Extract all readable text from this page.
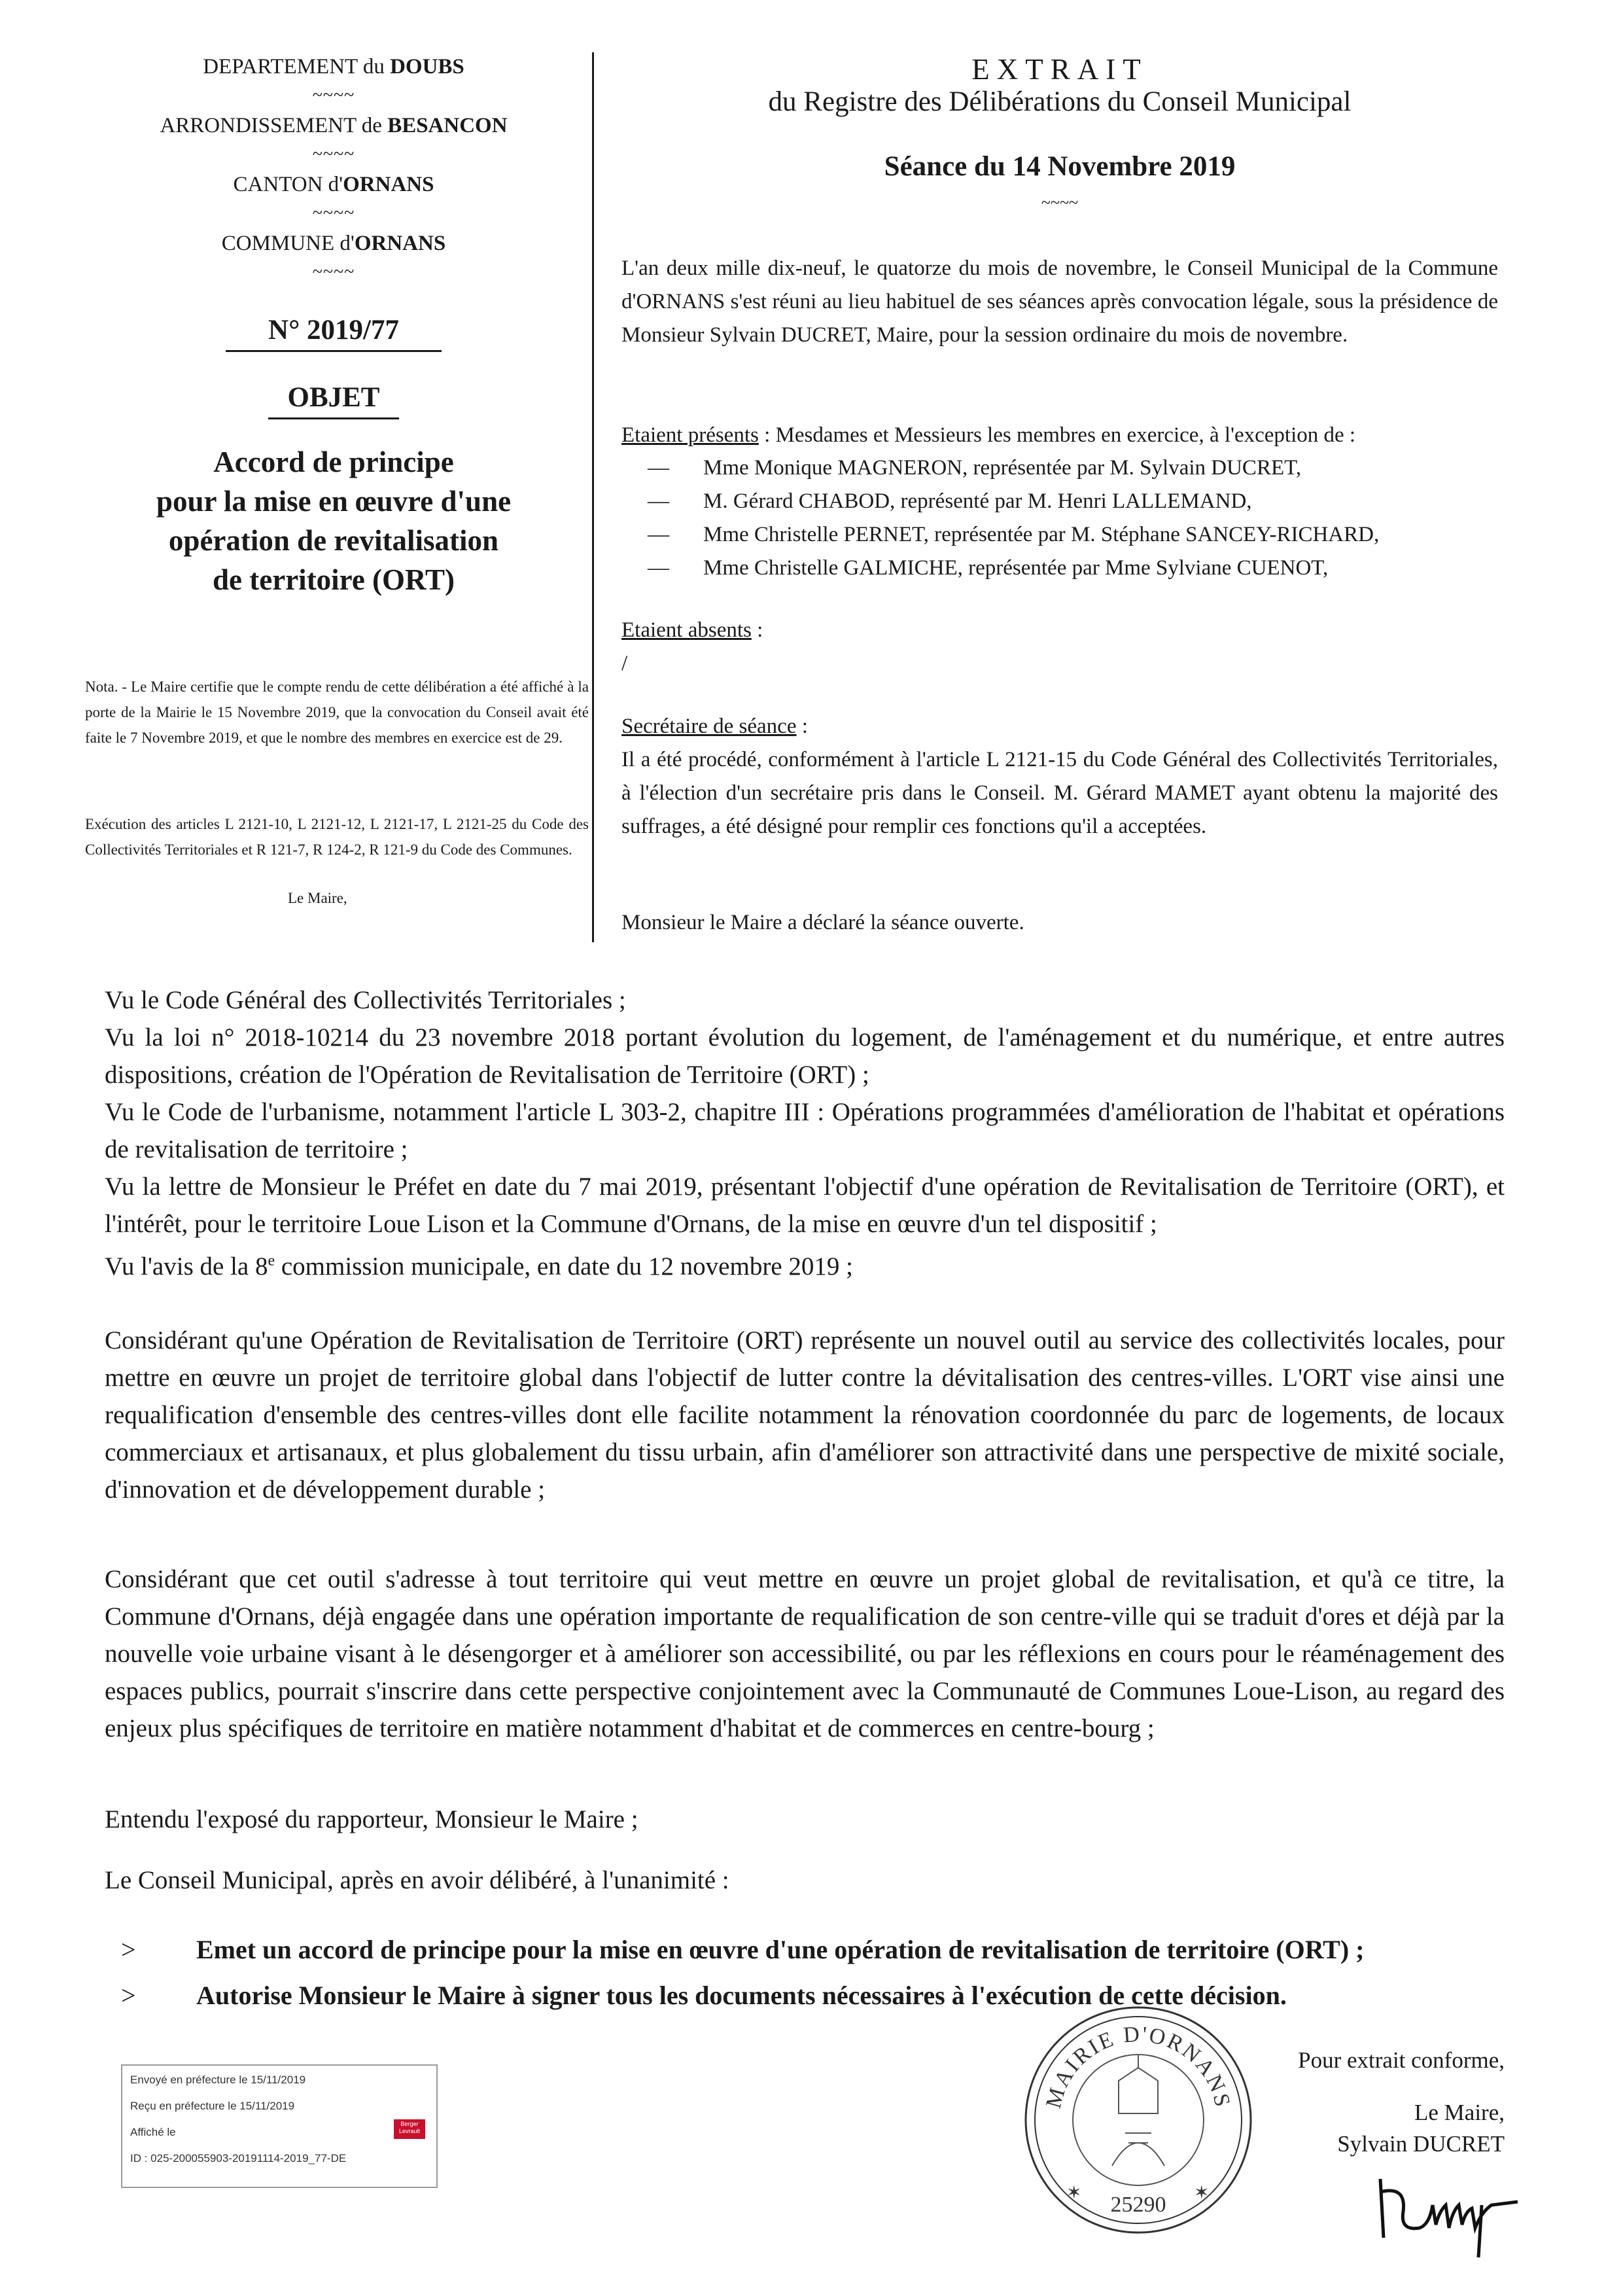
DEPARTEMENT du DOUBS
~~~~
ARRONDISSEMENT de BESANCON
~~~~
CANTON d'ORNANS
~~~~
COMMUNE d'ORNANS
~~~~
N° 2019/77
OBJET
Accord de principe
pour la mise en œuvre d'une
opération de revitalisation
de territoire (ORT)
Nota. - Le Maire certifie que le compte rendu de cette délibération a été affiché à la porte de la Mairie le 15 Novembre 2019, que la convocation du Conseil avait été faite le 7 Novembre 2019, et que le nombre des membres en exercice est de 29.
Exécution des articles L 2121-10, L 2121-12, L 2121-17, L 2121-25 du Code des Collectivités Territoriales et R 121-7, R 124-2, R 121-9 du Code des Communes.
Le Maire,
EXTRAIT
du Registre des Délibérations du Conseil Municipal
Séance du 14 Novembre 2019
~~~~
L'an deux mille dix-neuf, le quatorze du mois de novembre, le Conseil Municipal de la Commune d'ORNANS s'est réuni au lieu habituel de ses séances après convocation légale, sous la présidence de Monsieur Sylvain DUCRET, Maire, pour la session ordinaire du mois de novembre.
Etaient présents : Mesdames et Messieurs les membres en exercice, à l'exception de :
—	Mme Monique MAGNERON, représentée par M. Sylvain DUCRET,
—	M. Gérard CHABOD, représenté par M. Henri LALLEMAND,
—	Mme Christelle PERNET, représentée par M. Stéphane SANCEY-RICHARD,
—	Mme Christelle GALMICHE, représentée par Mme Sylviane CUENOT,
Etaient absents :
/
Secrétaire de séance :
Il a été procédé, conformément à l'article L 2121-15 du Code Général des Collectivités Territoriales, à l'élection d'un secrétaire pris dans le Conseil. M. Gérard MAMET ayant obtenu la majorité des suffrages, a été désigné pour remplir ces fonctions qu'il a acceptées.
Monsieur le Maire a déclaré la séance ouverte.
Vu le Code Général des Collectivités Territoriales ;
Vu la loi n° 2018-10214 du 23 novembre 2018 portant évolution du logement, de l'aménagement et du numérique, et entre autres dispositions, création de l'Opération de Revitalisation de Territoire (ORT) ;
Vu le Code de l'urbanisme, notamment l'article L 303-2, chapitre III : Opérations programmées d'amélioration de l'habitat et opérations de revitalisation de territoire ;
Vu la lettre de Monsieur le Préfet en date du 7 mai 2019, présentant l'objectif d'une opération de Revitalisation de Territoire (ORT), et l'intérêt, pour le territoire Loue Lison et la Commune d'Ornans, de la mise en œuvre d'un tel dispositif ;
Vu l'avis de la 8e commission municipale, en date du 12 novembre 2019 ;
Considérant qu'une Opération de Revitalisation de Territoire (ORT) représente un nouvel outil au service des collectivités locales, pour mettre en œuvre un projet de territoire global dans l'objectif de lutter contre la dévitalisation des centres-villes. L'ORT vise ainsi une requalification d'ensemble des centres-villes dont elle facilite notamment la rénovation coordonnée du parc de logements, de locaux commerciaux et artisanaux, et plus globalement du tissu urbain, afin d'améliorer son attractivité dans une perspective de mixité sociale, d'innovation et de développement durable ;
Considérant que cet outil s'adresse à tout territoire qui veut mettre en œuvre un projet global de revitalisation, et qu'à ce titre, la Commune d'Ornans, déjà engagée dans une opération importante de requalification de son centre-ville qui se traduit d'ores et déjà par la nouvelle voie urbaine visant à le désengorger et à améliorer son accessibilité, ou par les réflexions en cours pour le réaménagement des espaces publics, pourrait s'inscrire dans cette perspective conjointement avec la Communauté de Communes Loue-Lison, au regard des enjeux plus spécifiques de territoire en matière notamment d'habitat et de commerces en centre-bourg ;
Entendu l'exposé du rapporteur, Monsieur le Maire ;
Le Conseil Municipal, après en avoir délibéré, à l'unanimité :
>	Emet un accord de principe pour la mise en œuvre d'une opération de revitalisation de territoire (ORT) ;
>	Autorise Monsieur le Maire à signer tous les documents nécessaires à l'exécution de cette décision.
Envoyé en préfecture le 15/11/2019
Reçu en préfecture le 15/11/2019
Affiché le
ID : 025-200055903-20191114-2019_77-DE
Berger Levrault
MAIRIE D'ORNANS
25290
✶	✶
Pour extrait conforme,
Le Maire,
Sylvain DUCRET
